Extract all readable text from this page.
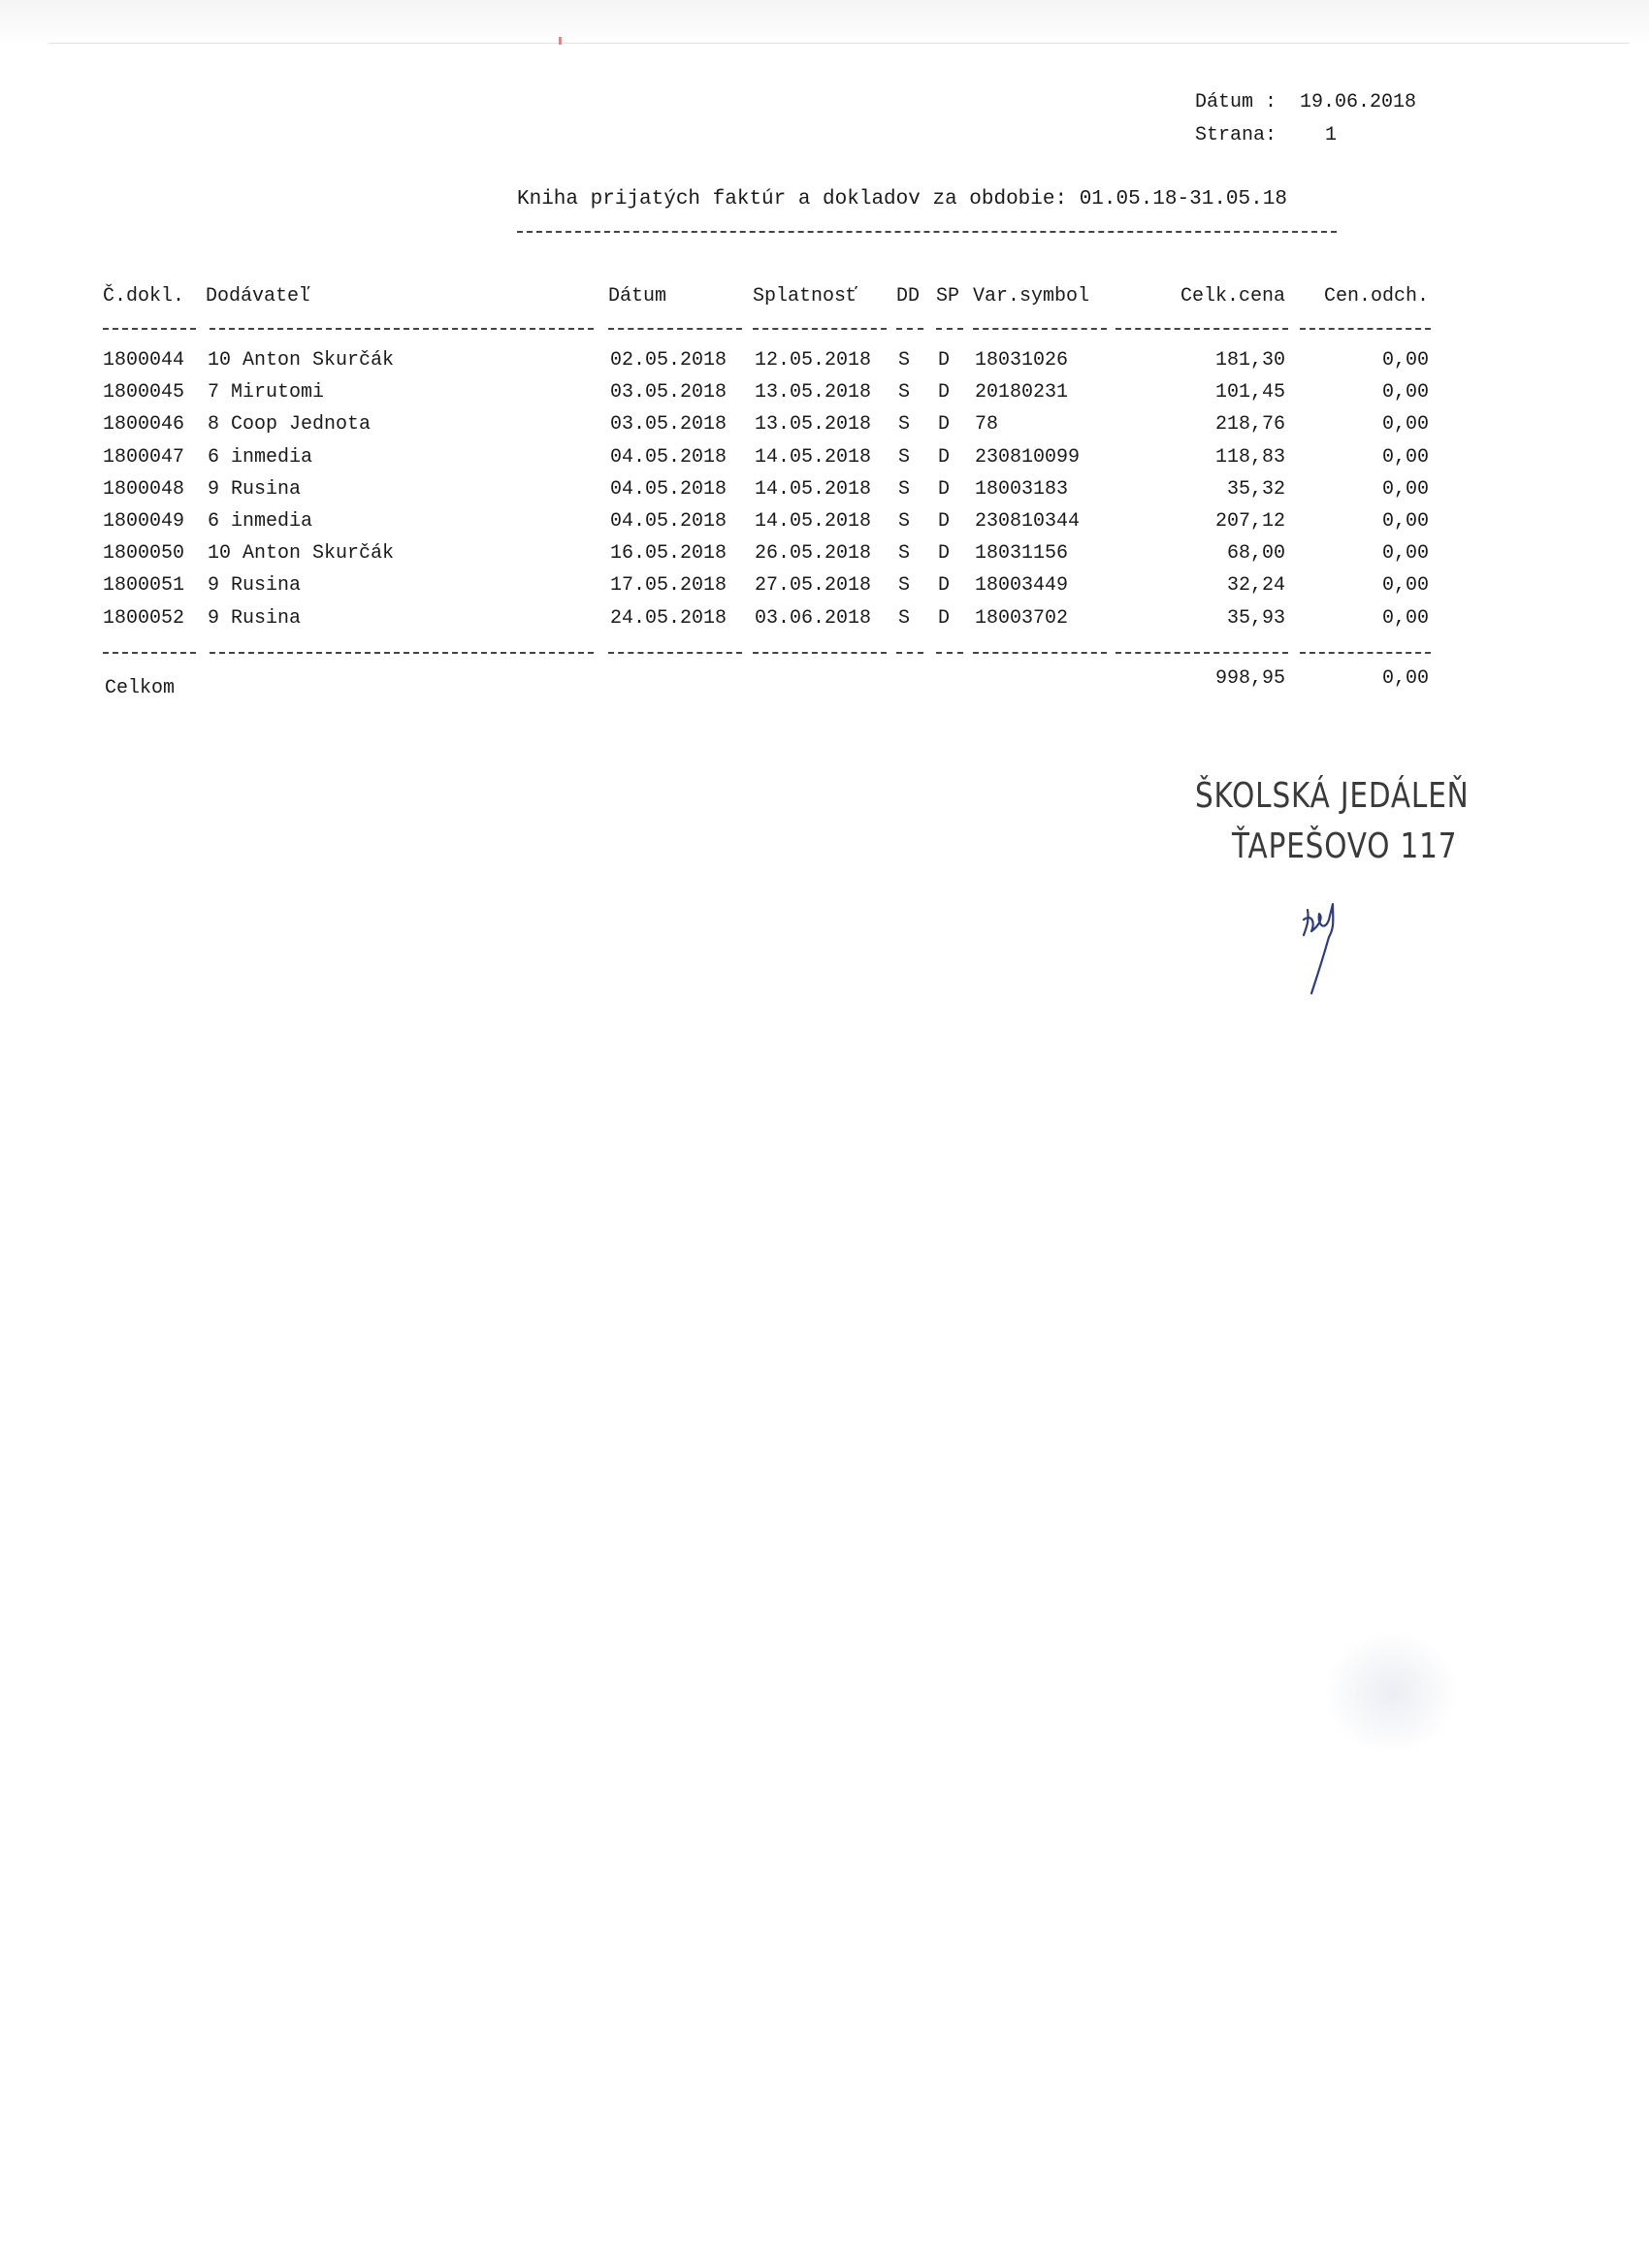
Dátum : 19.06.2018
Strana: 1
Kniha prijatých faktúr a dokladov za obdobie: 01.05.18-31.05.18
Č.dokl. Dodávateľ	Dátum	Splatnosť DD SP Var.symbol	Celk.cena	Cen.odch.
1800044 10 Anton Skurčák	02.05.2018 12.05.2018 S D 18031026	181,30	0,00
1800045 7 Mirutomi	03.05.2018 13.05.2018 S D 20180231	101,45	0,00
1800046 8 Coop Jednota	03.05.2018 13.05.2018 S D 78	218,76	0,00
1800047 6 inmedia	04.05.2018 14.05.2018 S D 230810099	118,83	0,00
1800048 9 Rusina	04.05.2018 14.05.2018 S D 18003183	35,32	0,00
1800049 6 inmedia	04.05.2018 14.05.2018 S D 230810344	207,12	0,00
1800050 10 Anton Skurčák	16.05.2018 26.05.2018 S D 18031156	68,00	0,00
1800051 9 Rusina	17.05.2018 27.05.2018 S D 18003449	32,24	0,00
1800052 9 Rusina	24.05.2018 03.06.2018 S D 18003702	35,93	0,00
Celkom	998,95	0,00
ŠKOLSKÁ JEDÁLEŇ
ŤAPEŠOVO 117
